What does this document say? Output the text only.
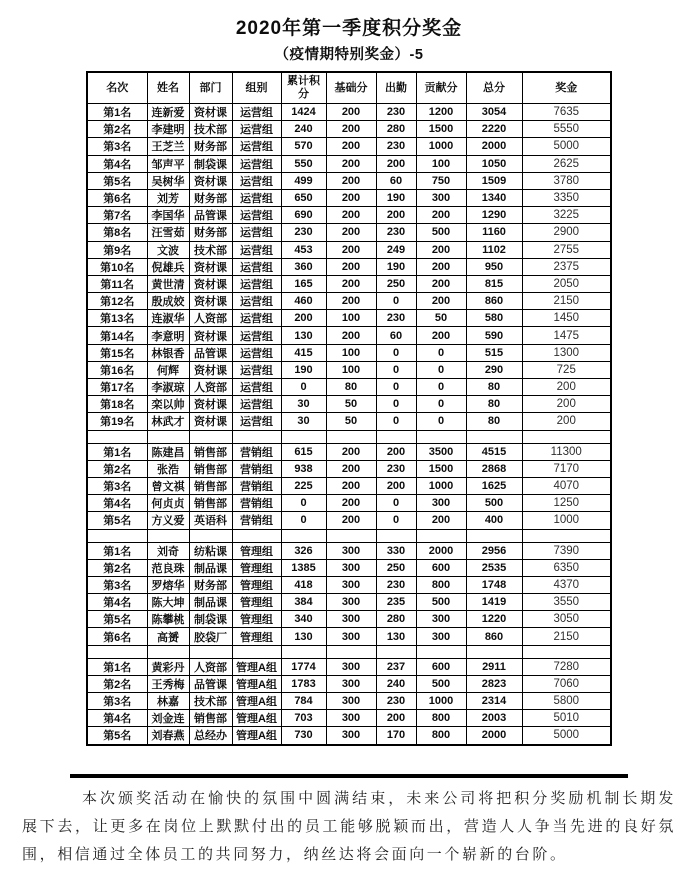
2020年第一季度积分奖金
（疫情期特别奖金）-5
名次	姓名	部门	组别	累计积分	基础分	出勤	贡献分	总分	奖金
第1名	连新爱	资材课	运营组	1424	200	230	1200	3054	7635
第2名	李建明	技术部	运营组	240	200	280	1500	2220	5550
第3名	王芝兰	财务部	运营组	570	200	230	1000	2000	5000
第4名	邹声平	制袋课	运营组	550	200	200	100	1050	2625
第5名	吴树华	资材课	运营组	499	200	60	750	1509	3780
第6名	刘芳	财务部	运营组	650	200	190	300	1340	3350
第7名	李国华	品管课	运营组	690	200	200	200	1290	3225
第8名	汪雪茹	财务部	运营组	230	200	230	500	1160	2900
第9名	文波	技术部	运营组	453	200	249	200	1102	2755
第10名	倪雄兵	资材课	运营组	360	200	190	200	950	2375
第11名	黄世清	资材课	运营组	165	200	250	200	815	2050
第12名	殷成姣	资材课	运营组	460	200	0	200	860	2150
第13名	连淑华	人资部	运营组	200	100	230	50	580	1450
第14名	李意明	资材课	运营组	130	200	60	200	590	1475
第15名	林银香	品管课	运营组	415	100	0	0	515	1300
第16名	何辉	资材课	运营组	190	100	0	0	290	725
第17名	李淑琼	人资部	运营组	0	80	0	0	80	200
第18名	栾以帅	资材课	运营组	30	50	0	0	80	200
第19名	林武才	资材课	运营组	30	50	0	0	80	200

第1名	陈建昌	销售部	营销组	615	200	200	3500	4515	11300
第2名	张浩	销售部	营销组	938	200	230	1500	2868	7170
第3名	曾文祺	销售部	营销组	225	200	200	1000	1625	4070
第4名	何贞贞	销售部	营销组	0	200	0	300	500	1250
第5名	方义爱	英语科	营销组	0	200	0	200	400	1000

第1名	刘奇	纺粘课	管理组	326	300	330	2000	2956	7390
第2名	范良珠	制品课	管理组	1385	300	250	600	2535	6350
第3名	罗熔华	财务部	管理组	418	300	230	800	1748	4370
第4名	陈大坤	制品课	管理组	384	300	235	500	1419	3550
第5名	陈攀桃	制袋课	管理组	340	300	280	300	1220	3050
第6名	高赟	胶袋厂	管理组	130	300	130	300	860	2150

第1名	黄彩丹	人资部	管理A组	1774	300	237	600	2911	7280
第2名	王秀梅	品管课	管理A组	1783	300	240	500	2823	7060
第3名	林嘉	技术部	管理A组	784	300	230	1000	2314	5800
第4名	刘金连	销售部	管理A组	703	300	200	800	2003	5010
第5名	刘春燕	总经办	管理A组	730	300	170	800	2000	5000

本次颁奖活动在愉快的氛围中圆满结束，未来公司将把积分奖励机制长期发展下去，让更多在岗位上默默付出的员工能够脱颖而出，营造人人争当先进的良好氛围，相信通过全体员工的共同努力，纳丝达将会面向一个崭新的台阶。
